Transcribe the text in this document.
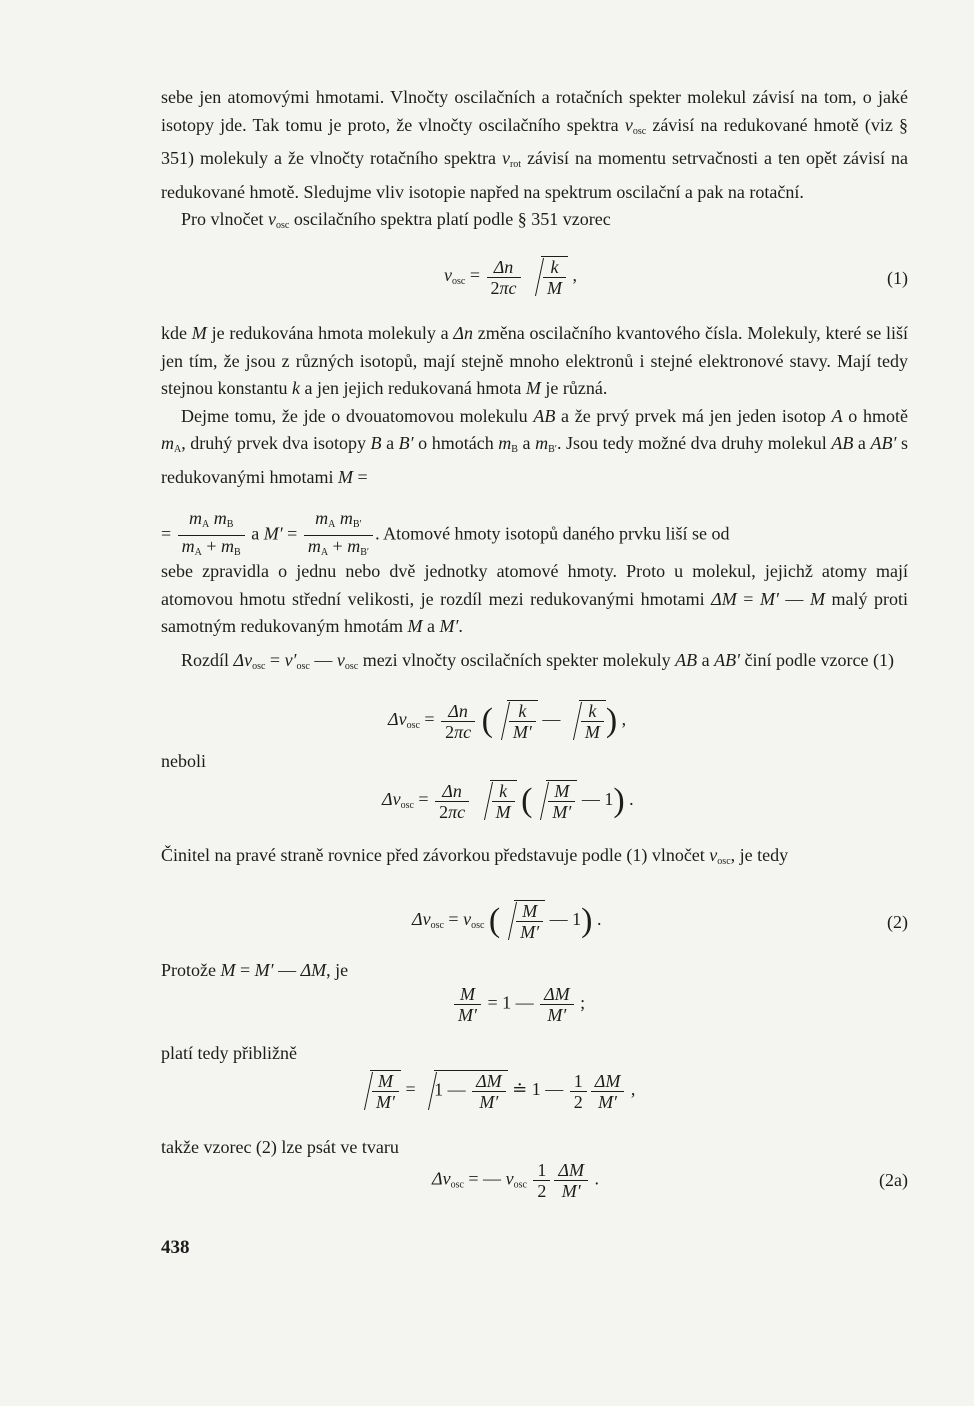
sebe jen atomovými hmotami. Vlnočty oscilačních a rotačních spekter molekul závisí na tom, o jaké isotopy jde. Tak tomu je proto, že vlnočty oscilačního spektra $\nu_{osc}$ závisí na redukované hmotě (viz § 351) molekuly a že vlnočty rotačního spektra $\nu_{rot}$ závisí na momentu setrvačnosti a ten opět závisí na redukované hmotě. Sledujme vliv isotopie napřed na spektrum oscilační a pak na rotační.

Pro vlnočet $\nu_{osc}$ oscilačního spektra platí podle § 351 vzorec

$\nu_{osc} = \frac{\Delta n}{2\pi c}$
$\frac{k}{M}$ ,	(1)

kde M je redukována hmota molekuly a Δn změna oscilačního kvantového čísla. Molekuly, které se liší jen tím, že jsou z různých isotopů, mají stejně mnoho elektronů i stejné elektronové stavy. Mají tedy stejnou konstantu k a jen jejich redukovaná hmota M je různá.

Dejme tomu, že jde o dvouatomovou molekulu AB a že prvý prvek má jen jeden isotop A o hmotě $m_A$, druhý prvek dva isotopy B a B′ o hmotách $m_B$ a $m_{B'}$. Jsou tedy možné dva druhy molekul AB a AB′ s redukovanými hmotami M =

= $\frac{m_A m_B}{m_A + m_B}$ a $M' = \frac{m_A m_{B'}}{m_A + m_{B'}}$ . Atomové hmoty isotopů daného prvku liší se od

sebe zpravidla o jednu nebo dvě jednotky atomové hmoty. Proto u molekul, jejichž atomy mají atomovou hmotu střední velikosti, je rozdíl mezi redukovanými hmotami ΔM = M′ — M malý proti samotným redukovaným hmotám M a M′.

Rozdíl $\Delta\nu_{osc} = \nu'_{osc}$ — $\nu_{osc}$ mezi vlnočty oscilačních spekter molekuly AB a AB′ činí podle vzorce (1)

$\Delta\nu_{osc} = \frac{\Delta n}{2\pi c}$ ( $\frac{k}{M'}$ — $\frac{k}{M}$ ) ,
neboli
$\Delta\nu_{osc} = \frac{\Delta n}{2\pi c}$
$\frac{k}{M}$ ( $\frac{M}{M'}$ — 1) .

Činitel na pravé straně rovnice před závorkou představuje podle (1) vlnočet $\nu_{osc}$, je tedy

$\Delta\nu_{osc} = \nu_{osc}$ ( $\frac{M}{M'}$ — 1) .	(2)
Protože M = M′ — ΔM, je
$\frac{M}{M'} = 1$ — $\frac{\Delta M}{M'}$ ;
platí tedy přibližně
$\frac{M}{M'} = 1$ — $\frac{\Delta M}{M'}$ ≐ 1 — $\frac{1}{2} \frac{\Delta M}{M'}$ ,
takže vzorec (2) lze psát ve tvaru
$\Delta\nu_{osc}$ = — $\nu_{osc} \frac{1}{2} \frac{\Delta M}{M'}$ .	(2a)
438
